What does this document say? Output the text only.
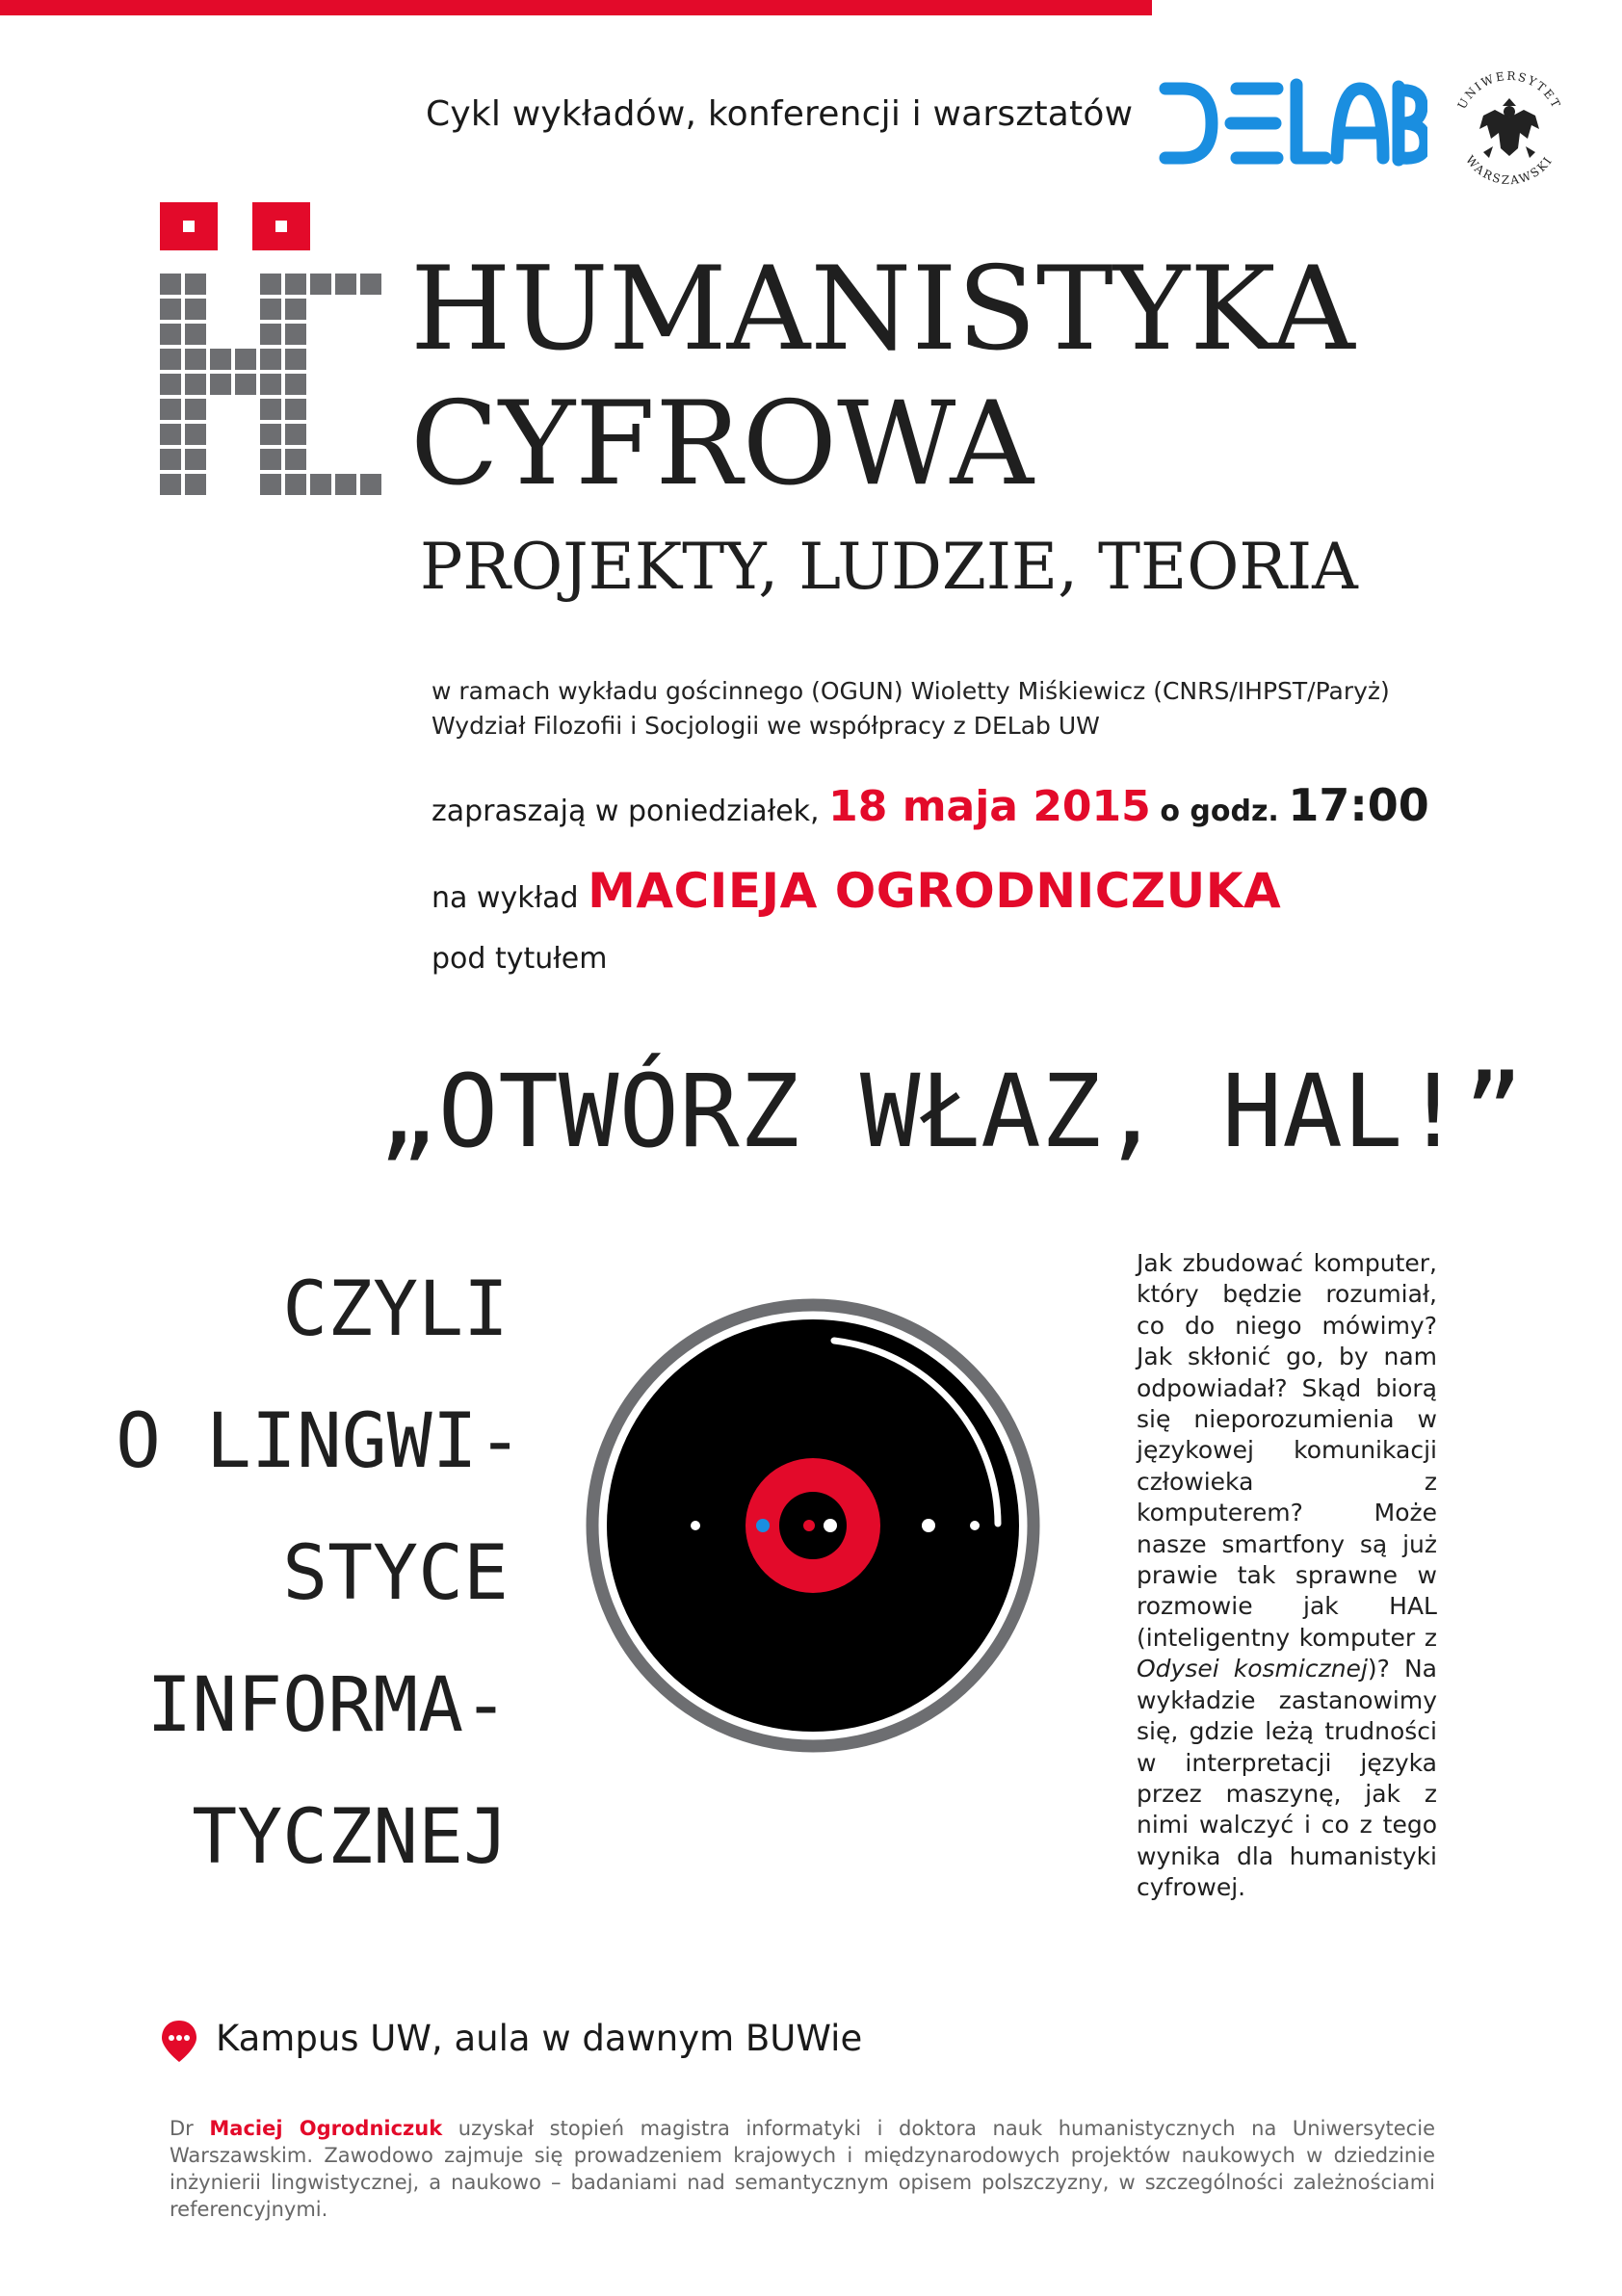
Cykl wykładów, konferencji i warsztatów	UNIWERSYTET
WARSZAWSKI
HUMANISTYKA
CYFROWA
PROJEKTY, LUDZIE, TEORIA
w ramach wykładu gościnnego (OGUN) Wioletty Miśkiewicz (CNRS/IHPST/Paryż)
Wydział Filozofii i Socjologii we współpracy z DELab UW
zapraszają w poniedziałek, 18 maja 2015 o godz. 17:00
na wykład MACIEJA OGRODNICZUKA
pod tytułem
„OTWÓRZ WŁAZ, HAL!”
CZYLI
O LINGWI-
STYCE
INFORMA-
TYCZNEJ
Jak zbudować komputer, który będzie rozumiał, co do niego mówimy? Jak skłonić go, by nam odpowiadał? Skąd biorą się nieporozumienia w językowej komunikacji człowieka z komputerem? Może nasze smartfony są już prawie tak sprawne w rozmowie jak HAL (inteligentny komputer z Odysei kosmicznej)? Na wykładzie zastanowimy się, gdzie leżą trudności w interpretacji języka przez maszynę, jak z nimi walczyć i co z tego wynika dla humanistyki cyfrowej.
Kampus UW, aula w dawnym BUWie
Dr Maciej Ogrodniczuk uzyskał stopień magistra informatyki i doktora nauk humanistycznych na Uniwersytecie Warszawskim. Zawodowo zajmuje się prowadzeniem krajowych i międzynarodowych projektów naukowych w dziedzinie inżynierii lingwistycznej, a naukowo – badaniami nad semantycznym opisem polszczyzny, w szczególności zależnościami referencyjnymi.
